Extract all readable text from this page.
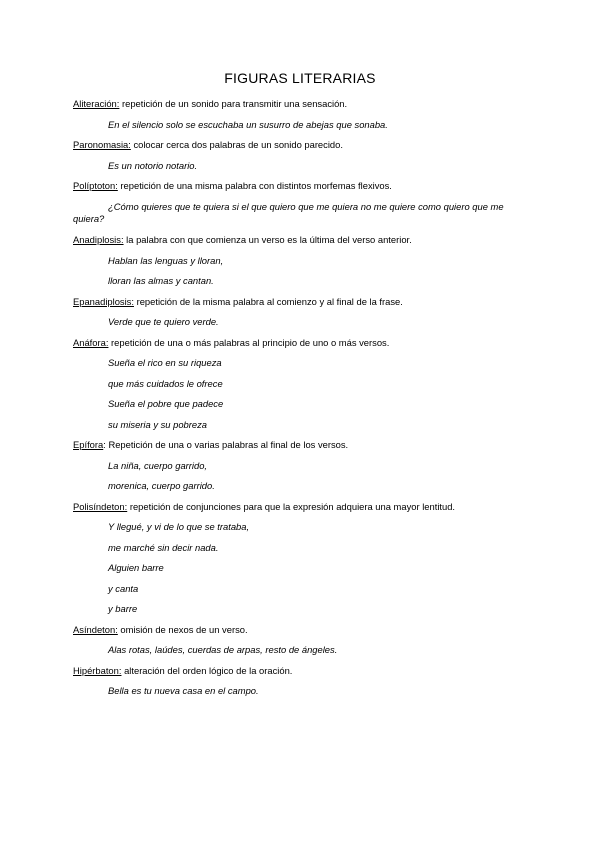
FIGURAS LITERARIAS
Aliteración: repetición de un sonido para transmitir una sensación.
En el silencio solo se escuchaba un susurro de abejas que sonaba.
Paronomasia: colocar cerca dos palabras de un sonido parecido.
Es un notorio notario.
Políptoton: repetición de una misma palabra con distintos morfemas flexivos.
¿Cómo quieres que te quiera si el que quiero que me quiera no me quiere como quiero que me quiera?
Anadiplosis: la palabra con que comienza un verso es la última del verso anterior.
Hablan las lenguas y lloran,
lloran las almas y cantan.
Epanadiplosis: repetición de la misma palabra al comienzo y al final de la frase.
Verde que te quiero verde.
Anáfora: repetición de una o más palabras al principio de uno o más versos.
Sueña el rico en su riqueza
que más cuidados le ofrece
Sueña el pobre que padece
su miseria y su pobreza
Epífora: Repetición de una o varias palabras al final de los versos.
La niña, cuerpo garrido,
morenica, cuerpo garrido.
Polisíndeton: repetición de conjunciones para que la expresión adquiera una mayor lentitud.
Y llegué, y vi de lo que se trataba,
me marché sin decir nada.
Alguien barre
y canta
y barre
Asíndeton: omisión de nexos de un verso.
Alas rotas, laúdes, cuerdas de arpas, resto de ángeles.
Hipérbaton: alteración del orden lógico de la oración.
Bella es tu nueva casa en el campo.
